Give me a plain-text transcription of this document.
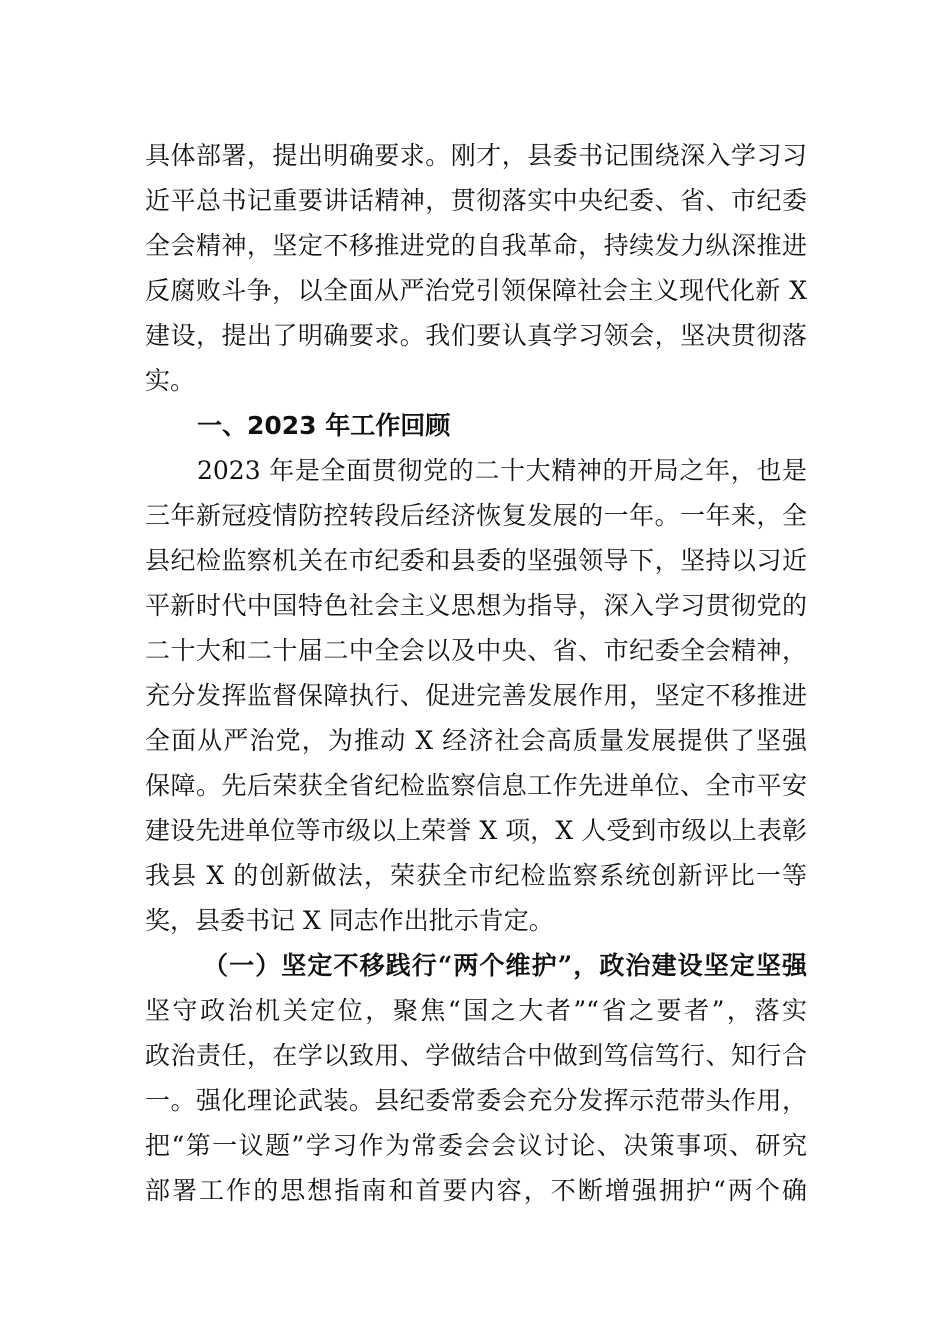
具体部署，提出明确要求。刚才，县委书记围绕深入学习习
近平总书记重要讲话精神，贯彻落实中央纪委、省、市纪委
全会精神，坚定不移推进党的自我革命，持续发力纵深推进
反腐败斗争，以全面从严治党引领保障社会主义现代化新 X
建设，提出了明确要求。我们要认真学习领会，坚决贯彻落
实。
一、2023 年工作回顾
2023 年是全面贯彻党的二十大精神的开局之年，也是
三年新冠疫情防控转段后经济恢复发展的一年。一年来，全
县纪检监察机关在市纪委和县委的坚强领导下，坚持以习近
平新时代中国特色社会主义思想为指导，深入学习贯彻党的
二十大和二十届二中全会以及中央、省、市纪委全会精神，
充分发挥监督保障执行、促进完善发展作用，坚定不移推进
全面从严治党，为推动 X 经济社会高质量发展提供了坚强
保障。先后荣获全省纪检监察信息工作先进单位、全市平安
建设先进单位等市级以上荣誉 X 项，X 人受到市级以上表彰
我县 X 的创新做法，荣获全市纪检监察系统创新评比一等
奖，县委书记 X 同志作出批示肯定。
（一）坚定不移践行“两个维护”，政治建设坚定坚强
坚守政治机关定位，聚焦“国之大者”“省之要者”，落实
政治责任，在学以致用、学做结合中做到笃信笃行、知行合
一。强化理论武装。县纪委常委会充分发挥示范带头作用，
把“第一议题”学习作为常委会会议讨论、决策事项、研究
部署工作的思想指南和首要内容，不断增强拥护“两个确
